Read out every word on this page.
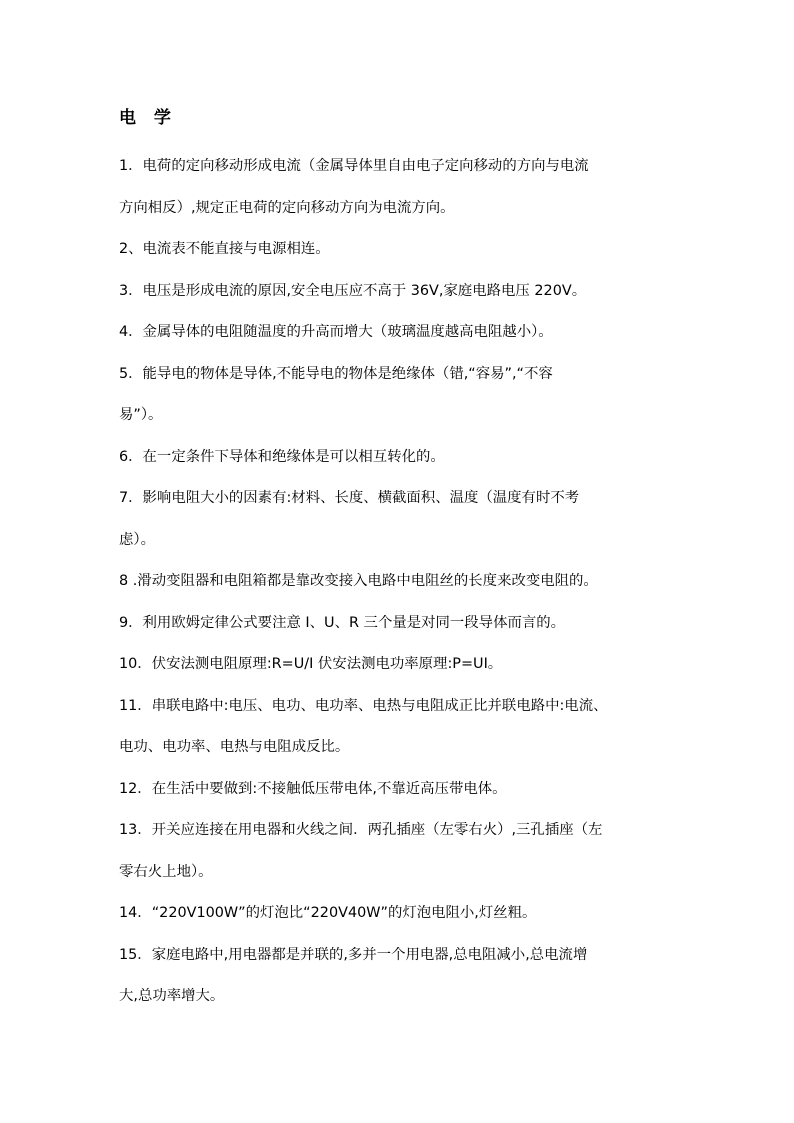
电 学

1．电荷的定向移动形成电流（金属导体里自由电子定向移动的方向与电流
方向相反）,规定正电荷的定向移动方向为电流方向。

2、电流表不能直接与电源相连。

3．电压是形成电流的原因,安全电压应不高于 36V,家庭电路电压 220V。

4．金属导体的电阻随温度的升高而增大（玻璃温度越高电阻越小）。

5．能导电的物体是导体,不能导电的物体是绝缘体（错,“容易”,“不容
易”）。

6．在一定条件下导体和绝缘体是可以相互转化的。

7．影响电阻大小的因素有:材料、长度、横截面积、温度（温度有时不考
虑）。

8 .滑动变阻器和电阻箱都是靠改变接入电路中电阻丝的长度来改变电阻的。

9．利用欧姆定律公式要注意 I、U、R 三个量是对同一段导体而言的。

10．伏安法测电阻原理:R=U/I 伏安法测电功率原理:P=UI。

11．串联电路中:电压、电功、电功率、电热与电阻成正比并联电路中:电流、
电功、电功率、电热与电阻成反比。

12．在生活中要做到:不接触低压带电体,不靠近高压带电体。

13．开关应连接在用电器和火线之间．两孔插座（左零右火）,三孔插座（左
零右火上地）。

14．“220V100W”的灯泡比“220V40W”的灯泡电阻小,灯丝粗。

15．家庭电路中,用电器都是并联的,多并一个用电器,总电阻减小,总电流增
大,总功率增大。
